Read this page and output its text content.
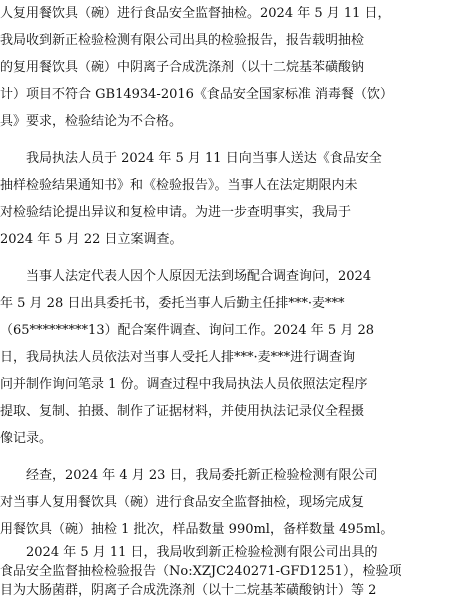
人复用餐饮具（碗）进行食品安全监督抽检。2024 年 5 月 11 日，
我局收到新正检验检测有限公司出具的检验报告，报告载明抽检
的复用餐饮具（碗）中阴离子合成洗涤剂（以十二烷基苯磺酸钠
计）项目不符合 GB14934-2016《食品安全国家标准 消毒餐（饮）
具》要求，检验结论为不合格。
我局执法人员于 2024 年 5 月 11 日向当事人送达《食品安全
抽样检验结果通知书》和《检验报告》。当事人在法定期限内未
对检验结论提出异议和复检申请。为进一步查明事实，我局于
2024 年 5 月 22 日立案调查。
当事人法定代表人因个人原因无法到场配合调查询问，2024
年 5 月 28 日出具委托书，委托当事人后勤主任排***·麦***
（65*********13）配合案件调查、询问工作。2024 年 5 月 28
日，我局执法人员依法对当事人受托人排***·麦***进行调查询
问并制作询问笔录 1 份。调查过程中我局执法人员依照法定程序
提取、复制、拍摄、制作了证据材料，并使用执法记录仪全程摄
像记录。
经查，2024 年 4 月 23 日，我局委托新正检验检测有限公司
对当事人复用餐饮具（碗）进行食品安全监督抽检，现场完成复
用餐饮具（碗）抽检 1 批次，样品数量 990ml，备样数量 495ml。
2024 年 5 月 11 日，我局收到新正检验检测有限公司出具的
食品安全监督抽检检验报告（No:XZJC240271-GFD1251），检验项
目为大肠菌群，阴离子合成洗涤剂（以十二烷基苯磺酸钠计）等 2
